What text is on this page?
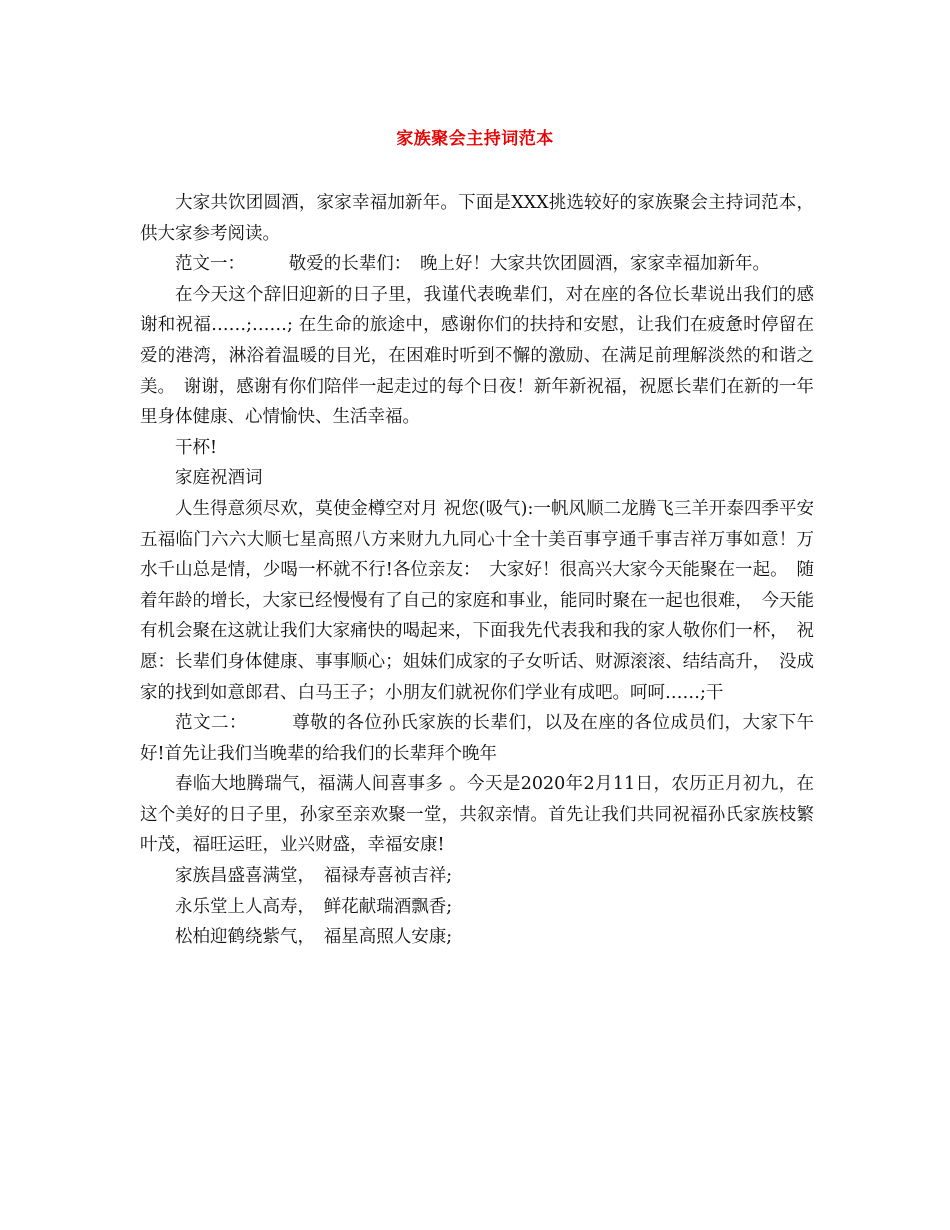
家族聚会主持词范本

大家共饮团圆酒，家家幸福加新年。下面是XXX挑选较好的家族聚会主持词范本，供大家参考阅读。

范文一：　　　敬爱的长辈们：　晚上好！大家共饮团圆酒，家家幸福加新年。

在今天这个辞旧迎新的日子里，我谨代表晚辈们，对在座的各位长辈说出我们的感谢和祝福……;……; 在生命的旅途中，感谢你们的扶持和安慰，让我们在疲惫时停留在爱的港湾，淋浴着温暖的目光，在困难时听到不懈的激励、在满足前理解淡然的和谐之美。　谢谢，感谢有你们陪伴一起走过的每个日夜！新年新祝福，祝愿长辈们在新的一年里身体健康、心情愉快、生活幸福。

干杯!

家庭祝酒词

人生得意须尽欢，莫使金樽空对月 祝您(吸气):一帆风顺二龙腾飞三羊开泰四季平安五福临门六六大顺七星高照八方来财九九同心十全十美百事亨通千事吉祥万事如意！万水千山总是情，少喝一杯就不行!各位亲友：　大家好！很高兴大家今天能聚在一起。　随着年龄的增长，大家已经慢慢有了自己的家庭和事业，能同时聚在一起也很难，　今天能有机会聚在这就让我们大家痛快的喝起来，下面我先代表我和我的家人敬你们一杯，　祝愿：长辈们身体健康、事事顺心；姐妹们成家的子女听话、财源滚滚、结结高升，　没成家的找到如意郎君、白马王子；小朋友们就祝你们学业有成吧。呵呵……;干

范文二：　　　尊敬的各位孙氏家族的长辈们，以及在座的各位成员们，大家下午好!首先让我们当晚辈的给我们的长辈拜个晚年

春临大地腾瑞气，福满人间喜事多 。今天是2020年2月11日，农历正月初九，在这个美好的日子里，孙家至亲欢聚一堂，共叙亲情。首先让我们共同祝福孙氏家族枝繁叶茂，福旺运旺，业兴财盛，幸福安康!

家族昌盛喜满堂，　福禄寿喜祯吉祥;

永乐堂上人高寿，　鲜花献瑞酒飘香;

松柏迎鹤绕紫气，　福星高照人安康;
